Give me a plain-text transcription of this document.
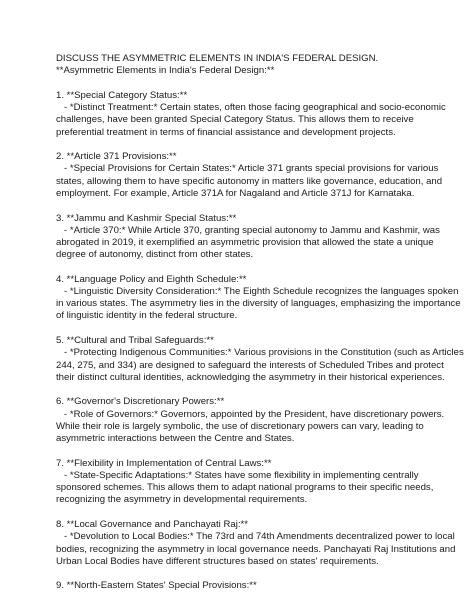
DISCUSS THE ASYMMETRIC ELEMENTS IN INDIA'S FEDERAL DESIGN.
**Asymmetric Elements in India's Federal Design:**
1. **Special Category Status:**
- *Distinct Treatment:* Certain states, often those facing geographical and socio-economic
challenges, have been granted Special Category Status. This allows them to receive
preferential treatment in terms of financial assistance and development projects.
2. **Article 371 Provisions:**
- *Special Provisions for Certain States:* Article 371 grants special provisions for various
states, allowing them to have specific autonomy in matters like governance, education, and
employment. For example, Article 371A for Nagaland and Article 371J for Karnataka.
3. **Jammu and Kashmir Special Status:**
- *Article 370:* While Article 370, granting special autonomy to Jammu and Kashmir, was
abrogated in 2019, it exemplified an asymmetric provision that allowed the state a unique
degree of autonomy, distinct from other states.
4. **Language Policy and Eighth Schedule:**
- *Linguistic Diversity Consideration:* The Eighth Schedule recognizes the languages spoken
in various states. The asymmetry lies in the diversity of languages, emphasizing the importance
of linguistic identity in the federal structure.
5. **Cultural and Tribal Safeguards:**
- *Protecting Indigenous Communities:* Various provisions in the Constitution (such as Articles
244, 275, and 334) are designed to safeguard the interests of Scheduled Tribes and protect
their distinct cultural identities, acknowledging the asymmetry in their historical experiences.
6. **Governor's Discretionary Powers:**
- *Role of Governors:* Governors, appointed by the President, have discretionary powers.
While their role is largely symbolic, the use of discretionary powers can vary, leading to
asymmetric interactions between the Centre and States.
7. **Flexibility in Implementation of Central Laws:**
- *State-Specific Adaptations:* States have some flexibility in implementing centrally
sponsored schemes. This allows them to adapt national programs to their specific needs,
recognizing the asymmetry in developmental requirements.
8. **Local Governance and Panchayati Raj:**
- *Devolution to Local Bodies:* The 73rd and 74th Amendments decentralized power to local
bodies, recognizing the asymmetry in local governance needs. Panchayati Raj Institutions and
Urban Local Bodies have different structures based on states' requirements.
9. **North-Eastern States' Special Provisions:**
